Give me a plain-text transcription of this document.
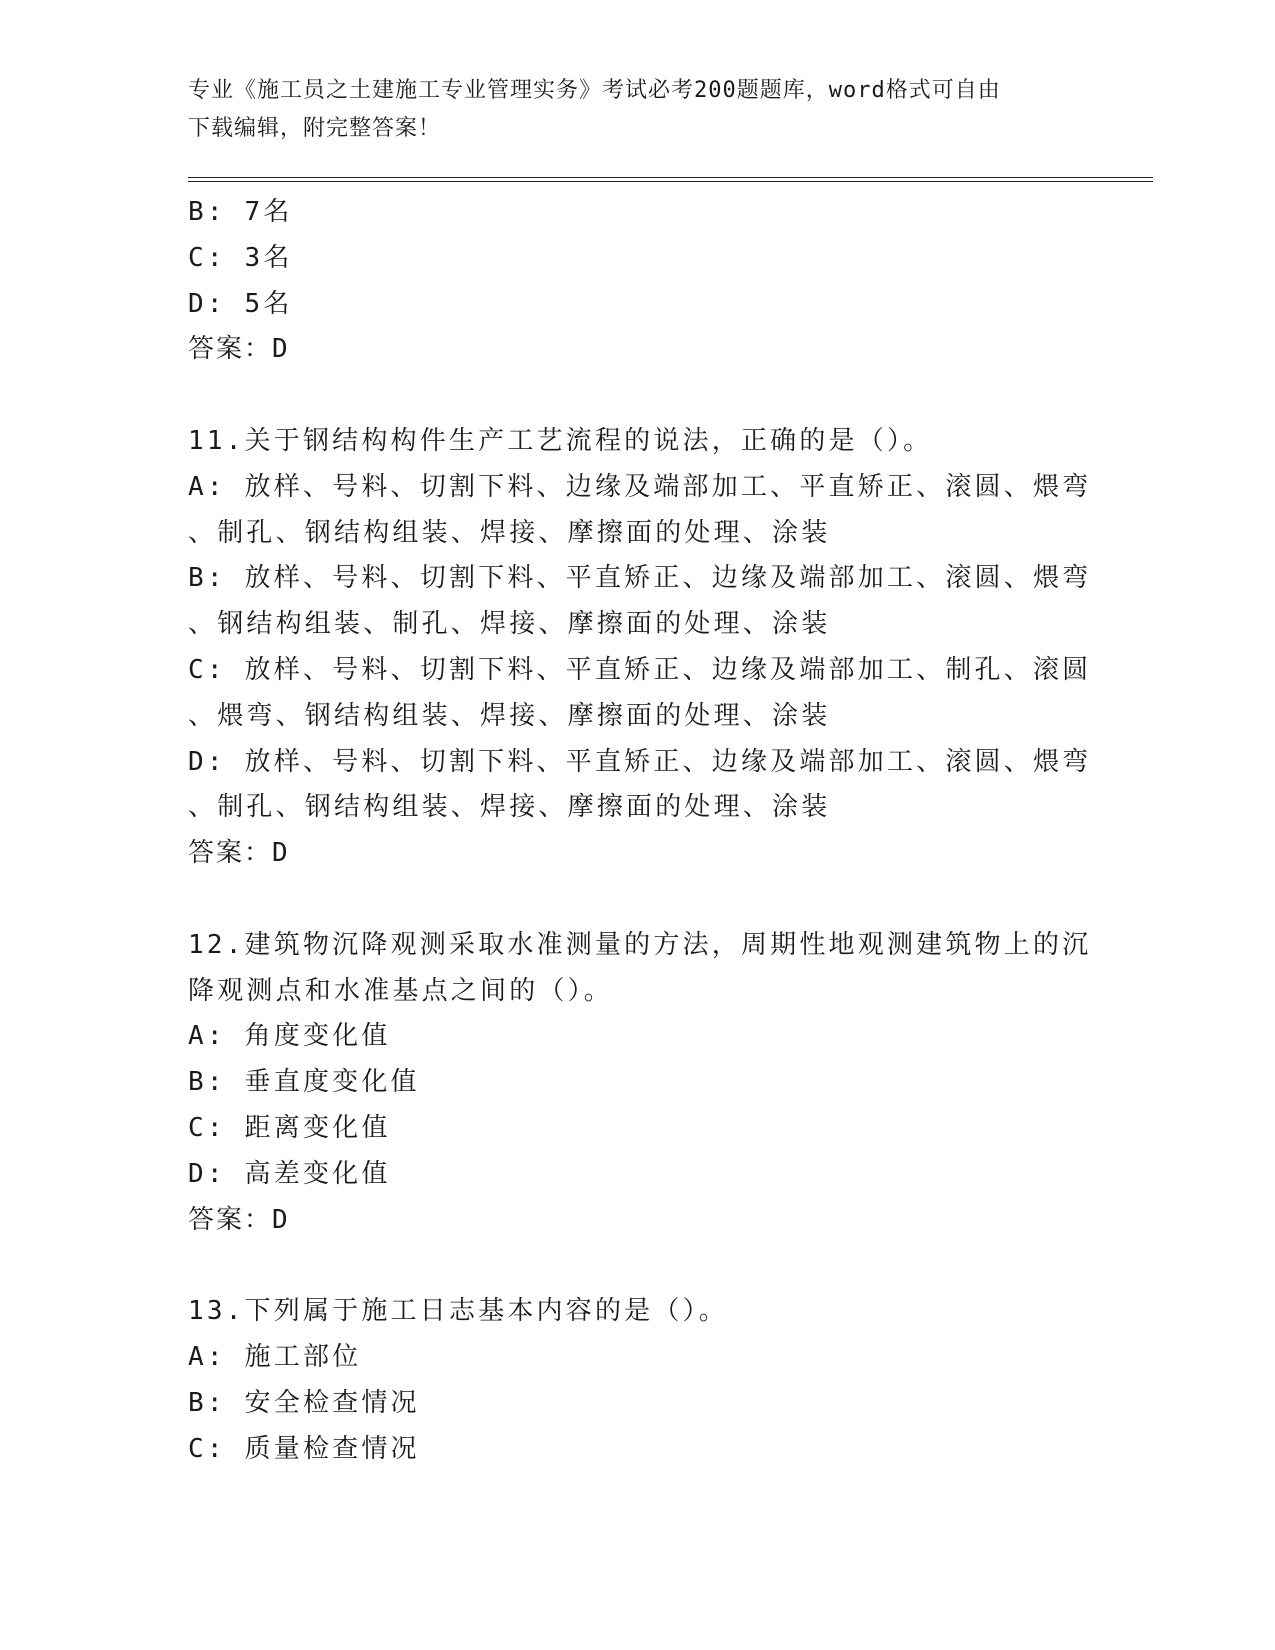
专业《施工员之土建施工专业管理实务》考试必考200题题库，word格式可自由
下载编辑，附完整答案！
B: 7名
C: 3名
D: 5名
答案：D
11.关于钢结构构件生产工艺流程的说法，正确的是（）。
A: 放样、号料、切割下料、边缘及端部加工、平直矫正、滚圆、煨弯
、制孔、钢结构组装、焊接、摩擦面的处理、涂装
B: 放样、号料、切割下料、平直矫正、边缘及端部加工、滚圆、煨弯
、钢结构组装、制孔、焊接、摩擦面的处理、涂装
C: 放样、号料、切割下料、平直矫正、边缘及端部加工、制孔、滚圆
、煨弯、钢结构组装、焊接、摩擦面的处理、涂装
D: 放样、号料、切割下料、平直矫正、边缘及端部加工、滚圆、煨弯
、制孔、钢结构组装、焊接、摩擦面的处理、涂装
答案：D
12.建筑物沉降观测采取水准测量的方法，周期性地观测建筑物上的沉
降观测点和水准基点之间的（）。
A: 角度变化值
B: 垂直度变化值
C: 距离变化值
D: 高差变化值
答案：D
13.下列属于施工日志基本内容的是（）。
A: 施工部位
B: 安全检查情况
C: 质量检查情况
